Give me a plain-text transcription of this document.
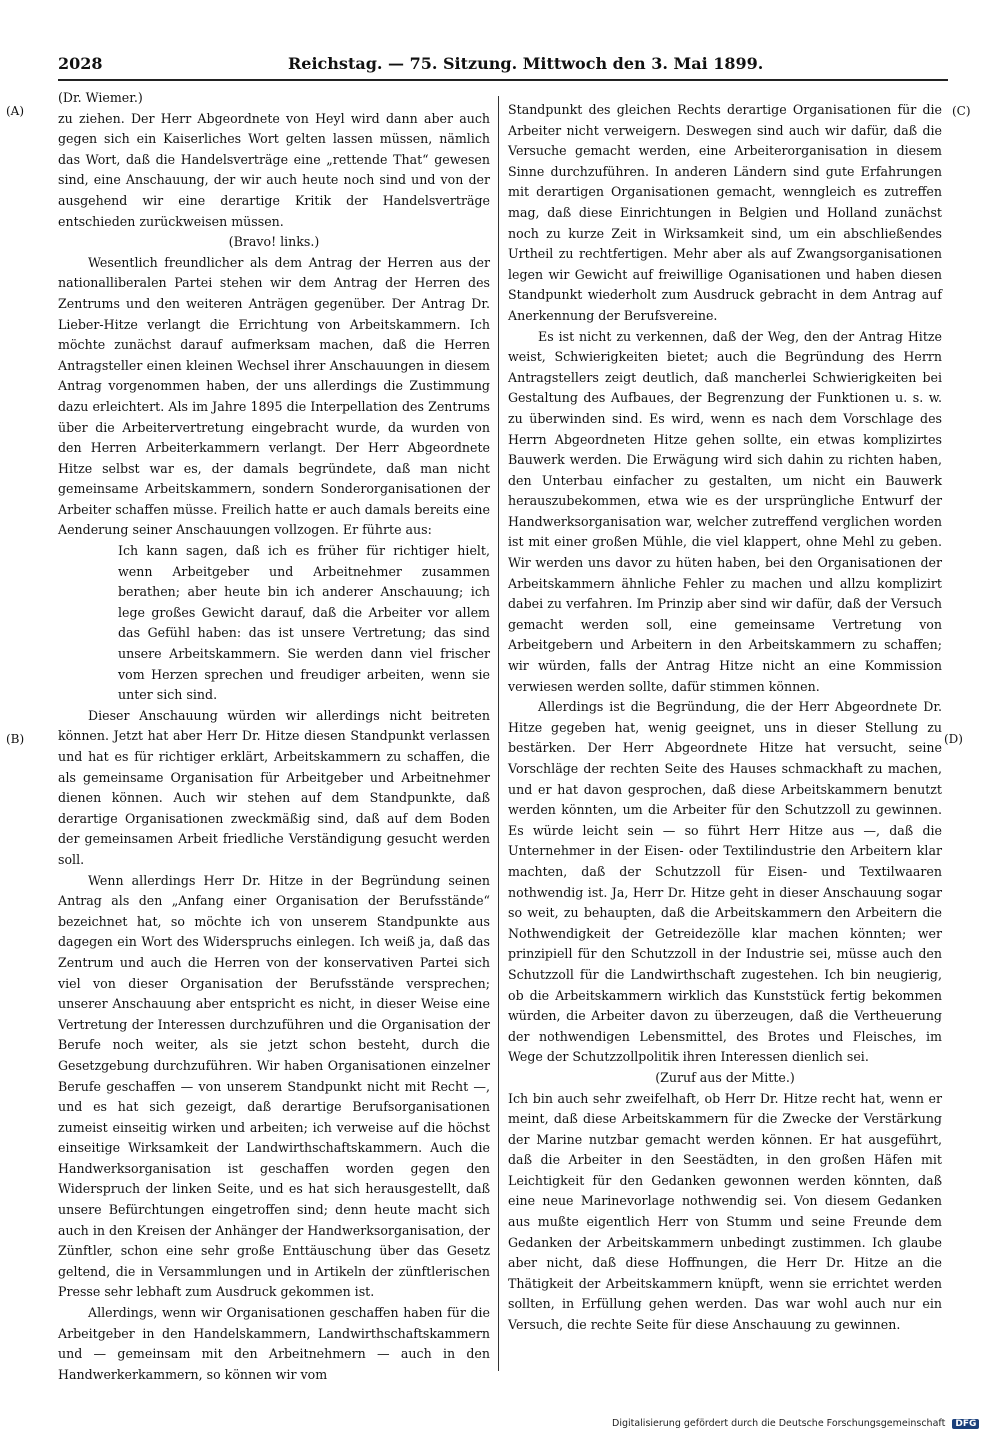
2028	Reichstag. — 75. Sitzung. Mittwoch den 3. Mai 1899.
(A)
(B)
(C)
(D)

(Dr. Wiemer.)

zu ziehen. Der Herr Abgeordnete von Heyl wird dann aber auch gegen sich ein Kaiserliches Wort gelten lassen müssen, nämlich das Wort, daß die Handelsverträge eine „rettende That“ gewesen sind, eine Anschauung, der wir auch heute noch sind und von der ausgehend wir eine derartige Kritik der Handelsverträge entschieden zurückweisen müssen.

(Bravo! links.)

Wesentlich freundlicher als dem Antrag der Herren aus der nationalliberalen Partei stehen wir dem Antrag der Herren des Zentrums und den weiteren Anträgen gegenüber. Der Antrag Dr. Lieber-Hitze verlangt die Errichtung von Arbeitskammern. Ich möchte zunächst darauf aufmerksam machen, daß die Herren Antragsteller einen kleinen Wechsel ihrer Anschauungen in diesem Antrag vorgenommen haben, der uns allerdings die Zustimmung dazu erleichtert. Als im Jahre 1895 die Interpellation des Zentrums über die Arbeitervertretung eingebracht wurde, da wurden von den Herren Arbeiterkammern verlangt. Der Herr Abgeordnete Hitze selbst war es, der damals begründete, daß man nicht gemeinsame Arbeitskammern, sondern Sonderorganisationen der Arbeiter schaffen müsse. Freilich hatte er auch damals bereits eine Aenderung seiner Anschauungen vollzogen. Er führte aus:

Ich kann sagen, daß ich es früher für richtiger hielt, wenn Arbeitgeber und Arbeitnehmer zusammen berathen; aber heute bin ich anderer Anschauung; ich lege großes Gewicht darauf, daß die Arbeiter vor allem das Gefühl haben: das ist unsere Vertretung; das sind unsere Arbeitskammern. Sie werden dann viel frischer vom Herzen sprechen und freudiger arbeiten, wenn sie unter sich sind.

Dieser Anschauung würden wir allerdings nicht beitreten können. Jetzt hat aber Herr Dr. Hitze diesen Standpunkt verlassen und hat es für richtiger erklärt, Arbeitskammern zu schaffen, die als gemeinsame Organisation für Arbeitgeber und Arbeitnehmer dienen können. Auch wir stehen auf dem Standpunkte, daß derartige Organisationen zweckmäßig sind, daß auf dem Boden der gemeinsamen Arbeit friedliche Verständigung gesucht werden soll.

Wenn allerdings Herr Dr. Hitze in der Begründung seinen Antrag als den „Anfang einer Organisation der Berufsstände“ bezeichnet hat, so möchte ich von unserem Standpunkte aus dagegen ein Wort des Widerspruchs einlegen. Ich weiß ja, daß das Zentrum und auch die Herren von der konservativen Partei sich viel von dieser Organisation der Berufsstände versprechen; unserer Anschauung aber entspricht es nicht, in dieser Weise eine Vertretung der Interessen durchzuführen und die Organisation der Berufe noch weiter, als sie jetzt schon besteht, durch die Gesetzgebung durchzuführen. Wir haben Organisationen einzelner Berufe geschaffen — von unserem Standpunkt nicht mit Recht —, und es hat sich gezeigt, daß derartige Berufsorganisationen zumeist einseitig wirken und arbeiten; ich verweise auf die höchst einseitige Wirksamkeit der Landwirthschaftskammern. Auch die Handwerksorganisation ist geschaffen worden gegen den Widerspruch der linken Seite, und es hat sich herausgestellt, daß unsere Befürchtungen eingetroffen sind; denn heute macht sich auch in den Kreisen der Anhänger der Handwerksorganisation, der Zünftler, schon eine sehr große Enttäuschung über das Gesetz geltend, die in Versammlungen und in Artikeln der zünftlerischen Presse sehr lebhaft zum Ausdruck gekommen ist.

Allerdings, wenn wir Organisationen geschaffen haben für die Arbeitgeber in den Handelskammern, Landwirthschaftskammern und — gemeinsam mit den Arbeitnehmern — auch in den Handwerkerkammern, so können wir vom

Standpunkt des gleichen Rechts derartige Organisationen für die Arbeiter nicht verweigern. Deswegen sind auch wir dafür, daß die Versuche gemacht werden, eine Arbeiterorganisation in diesem Sinne durchzuführen. In anderen Ländern sind gute Erfahrungen mit derartigen Organisationen gemacht, wenngleich es zutreffen mag, daß diese Einrichtungen in Belgien und Holland zunächst noch zu kurze Zeit in Wirksamkeit sind, um ein abschließendes Urtheil zu rechtfertigen. Mehr aber als auf Zwangsorganisationen legen wir Gewicht auf freiwillige Oganisationen und haben diesen Standpunkt wiederholt zum Ausdruck gebracht in dem Antrag auf Anerkennung der Berufsvereine.

Es ist nicht zu verkennen, daß der Weg, den der Antrag Hitze weist, Schwierigkeiten bietet; auch die Begründung des Herrn Antragstellers zeigt deutlich, daß mancherlei Schwierigkeiten bei Gestaltung des Aufbaues, der Begrenzung der Funktionen u. s. w. zu überwinden sind. Es wird, wenn es nach dem Vorschlage des Herrn Abgeordneten Hitze gehen sollte, ein etwas komplizirtes Bauwerk werden. Die Erwägung wird sich dahin zu richten haben, den Unterbau einfacher zu gestalten, um nicht ein Bauwerk herauszubekommen, etwa wie es der ursprüngliche Entwurf der Handwerksorganisation war, welcher zutreffend verglichen worden ist mit einer großen Mühle, die viel klappert, ohne Mehl zu geben. Wir werden uns davor zu hüten haben, bei den Organisationen der Arbeitskammern ähnliche Fehler zu machen und allzu komplizirt dabei zu verfahren. Im Prinzip aber sind wir dafür, daß der Versuch gemacht werden soll, eine gemeinsame Vertretung von Arbeitgebern und Arbeitern in den Arbeitskammern zu schaffen; wir würden, falls der Antrag Hitze nicht an eine Kommission verwiesen werden sollte, dafür stimmen können.

Allerdings ist die Begründung, die der Herr Abgeordnete Dr. Hitze gegeben hat, wenig geeignet, uns in dieser Stellung zu bestärken. Der Herr Abgeordnete Hitze hat versucht, seine Vorschläge der rechten Seite des Hauses schmackhaft zu machen, und er hat davon gesprochen, daß diese Arbeitskammern benutzt werden könnten, um die Arbeiter für den Schutzzoll zu gewinnen. Es würde leicht sein — so führt Herr Hitze aus —, daß die Unternehmer in der Eisen- oder Textilindustrie den Arbeitern klar machten, daß der Schutzzoll für Eisen- und Textilwaaren nothwendig ist. Ja, Herr Dr. Hitze geht in dieser Anschauung sogar so weit, zu behaupten, daß die Arbeitskammern den Arbeitern die Nothwendigkeit der Getreidezölle klar machen könnten; wer prinzipiell für den Schutzzoll in der Industrie sei, müsse auch den Schutzzoll für die Landwirthschaft zugestehen. Ich bin neugierig, ob die Arbeitskammern wirklich das Kunststück fertig bekommen würden, die Arbeiter davon zu überzeugen, daß die Vertheuerung der nothwendigen Lebensmittel, des Brotes und Fleisches, im Wege der Schutzzollpolitik ihren Interessen dienlich sei.

(Zuruf aus der Mitte.)

Ich bin auch sehr zweifelhaft, ob Herr Dr. Hitze recht hat, wenn er meint, daß diese Arbeitskammern für die Zwecke der Verstärkung der Marine nutzbar gemacht werden können. Er hat ausgeführt, daß die Arbeiter in den Seestädten, in den großen Häfen mit Leichtigkeit für den Gedanken gewonnen werden könnten, daß eine neue Marinevorlage nothwendig sei. Von diesem Gedanken aus mußte eigentlich Herr von Stumm und seine Freunde dem Gedanken der Arbeitskammern unbedingt zustimmen. Ich glaube aber nicht, daß diese Hoffnungen, die Herr Dr. Hitze an die Thätigkeit der Arbeitskammern knüpft, wenn sie errichtet werden sollten, in Erfüllung gehen werden. Das war wohl auch nur ein Versuch, die rechte Seite für diese Anschauung zu gewinnen.

Digitalisierung gefördert durch die Deutsche Forschungsgemeinschaft DFG
